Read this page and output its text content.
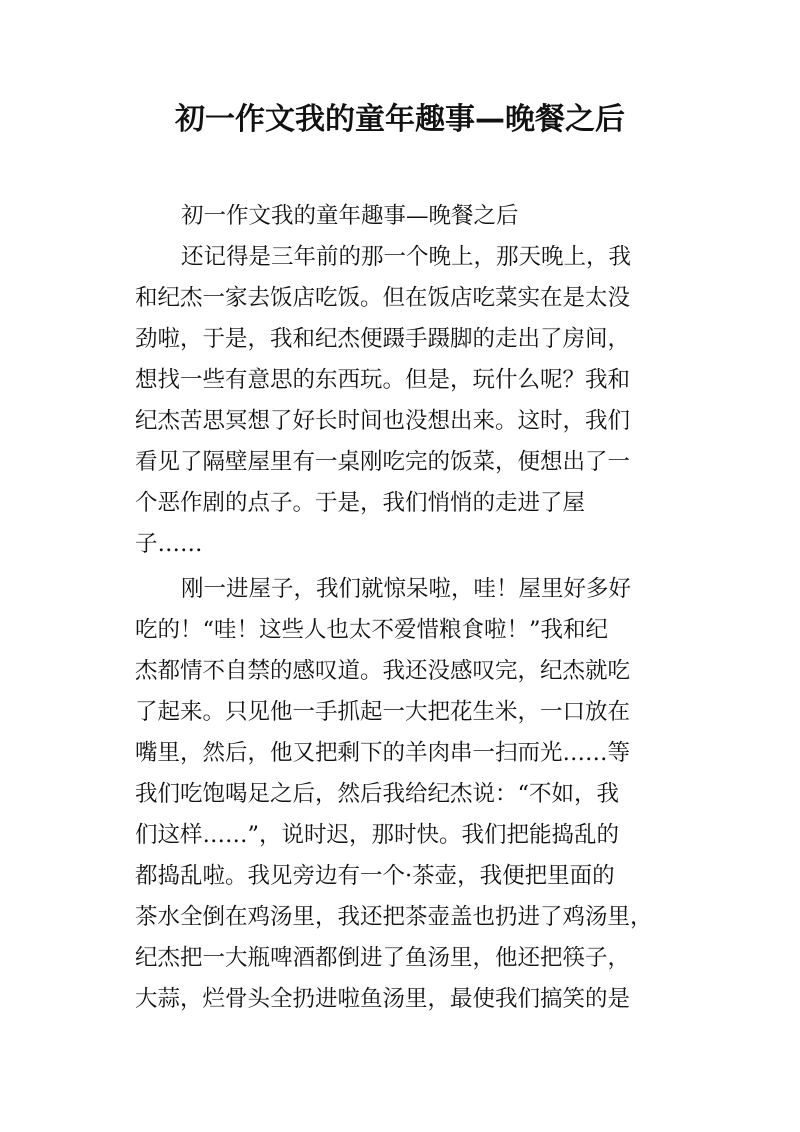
初一作文我的童年趣事—晚餐之后
初一作文我的童年趣事—晚餐之后
还记得是三年前的那一个晚上，那天晚上，我
和纪杰一家去饭店吃饭。但在饭店吃菜实在是太没
劲啦，于是，我和纪杰便蹑手蹑脚的走出了房间，
想找一些有意思的东西玩。但是，玩什么呢？我和
纪杰苦思冥想了好长时间也没想出来。这时，我们
看见了隔壁屋里有一桌刚吃完的饭菜，便想出了一
个恶作剧的点子。于是，我们悄悄的走进了屋
子……
刚一进屋子，我们就惊呆啦，哇！屋里好多好
吃的！“哇！这些人也太不爱惜粮食啦！”我和纪
杰都情不自禁的感叹道。我还没感叹完，纪杰就吃
了起来。只见他一手抓起一大把花生米，一口放在
嘴里，然后，他又把剩下的羊肉串一扫而光……等
我们吃饱喝足之后，然后我给纪杰说：“不如，我
们这样……”，说时迟，那时快。我们把能捣乱的
都捣乱啦。我见旁边有一个·茶壶，我便把里面的
茶水全倒在鸡汤里，我还把茶壶盖也扔进了鸡汤里，
纪杰把一大瓶啤酒都倒进了鱼汤里，他还把筷子，
大蒜，烂骨头全扔进啦鱼汤里，最使我们搞笑的是
